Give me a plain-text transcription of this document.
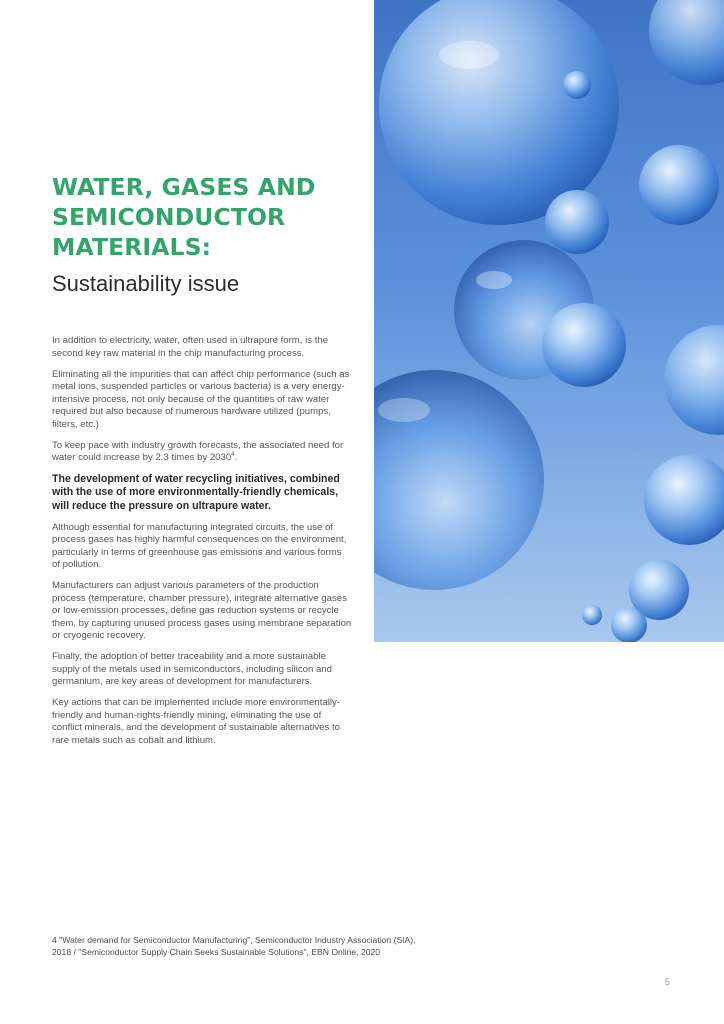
WATER, GASES AND SEMICONDUCTOR MATERIALS:
Sustainability issue

In addition to electricity, water, often used in ultrapure form, is the second key raw material in the chip manufacturing process.

Eliminating all the impurities that can affect chip performance (such as metal ions, suspended particles or various bacteria) is a very energy-intensive process, not only because of the quantities of raw water required but also because of numerous hardware utilized (pumps, filters, etc.)

To keep pace with industry growth forecasts, the associated need for water could increase by 2.3 times by 2030$^4$.

The development of water recycling initiatives, combined with the use of more environmentally-friendly chemicals, will reduce the pressure on ultrapure water.

Although essential for manufacturing integrated circuits, the use of process gases has highly harmful consequences on the environment, particularly in terms of greenhouse gas emissions and various forms of pollution.

Manufacturers can adjust various parameters of the production process (temperature, chamber pressure), integrate alternative gases or low-emission processes, define gas reduction systems or recycle them, by capturing unused process gases using membrane separation or cryogenic recovery.

Finally, the adoption of better traceability and a more sustainable supply of the metals used in semiconductors, including silicon and germanium, are key areas of development for manufacturers.

Key actions that can be implemented include more environmentally-friendly and human-rights-friendly mining, eliminating the use of conflict minerals, and the development of sustainable alternatives to rare metals such as cobalt and lithium.

4 "Water demand for Semiconductor Manufacturing", Semiconductor Industry Association (SIA),
2018 / "Semiconductor Supply Chain Seeks Sustainable Solutions", EBN Online, 2020
5
